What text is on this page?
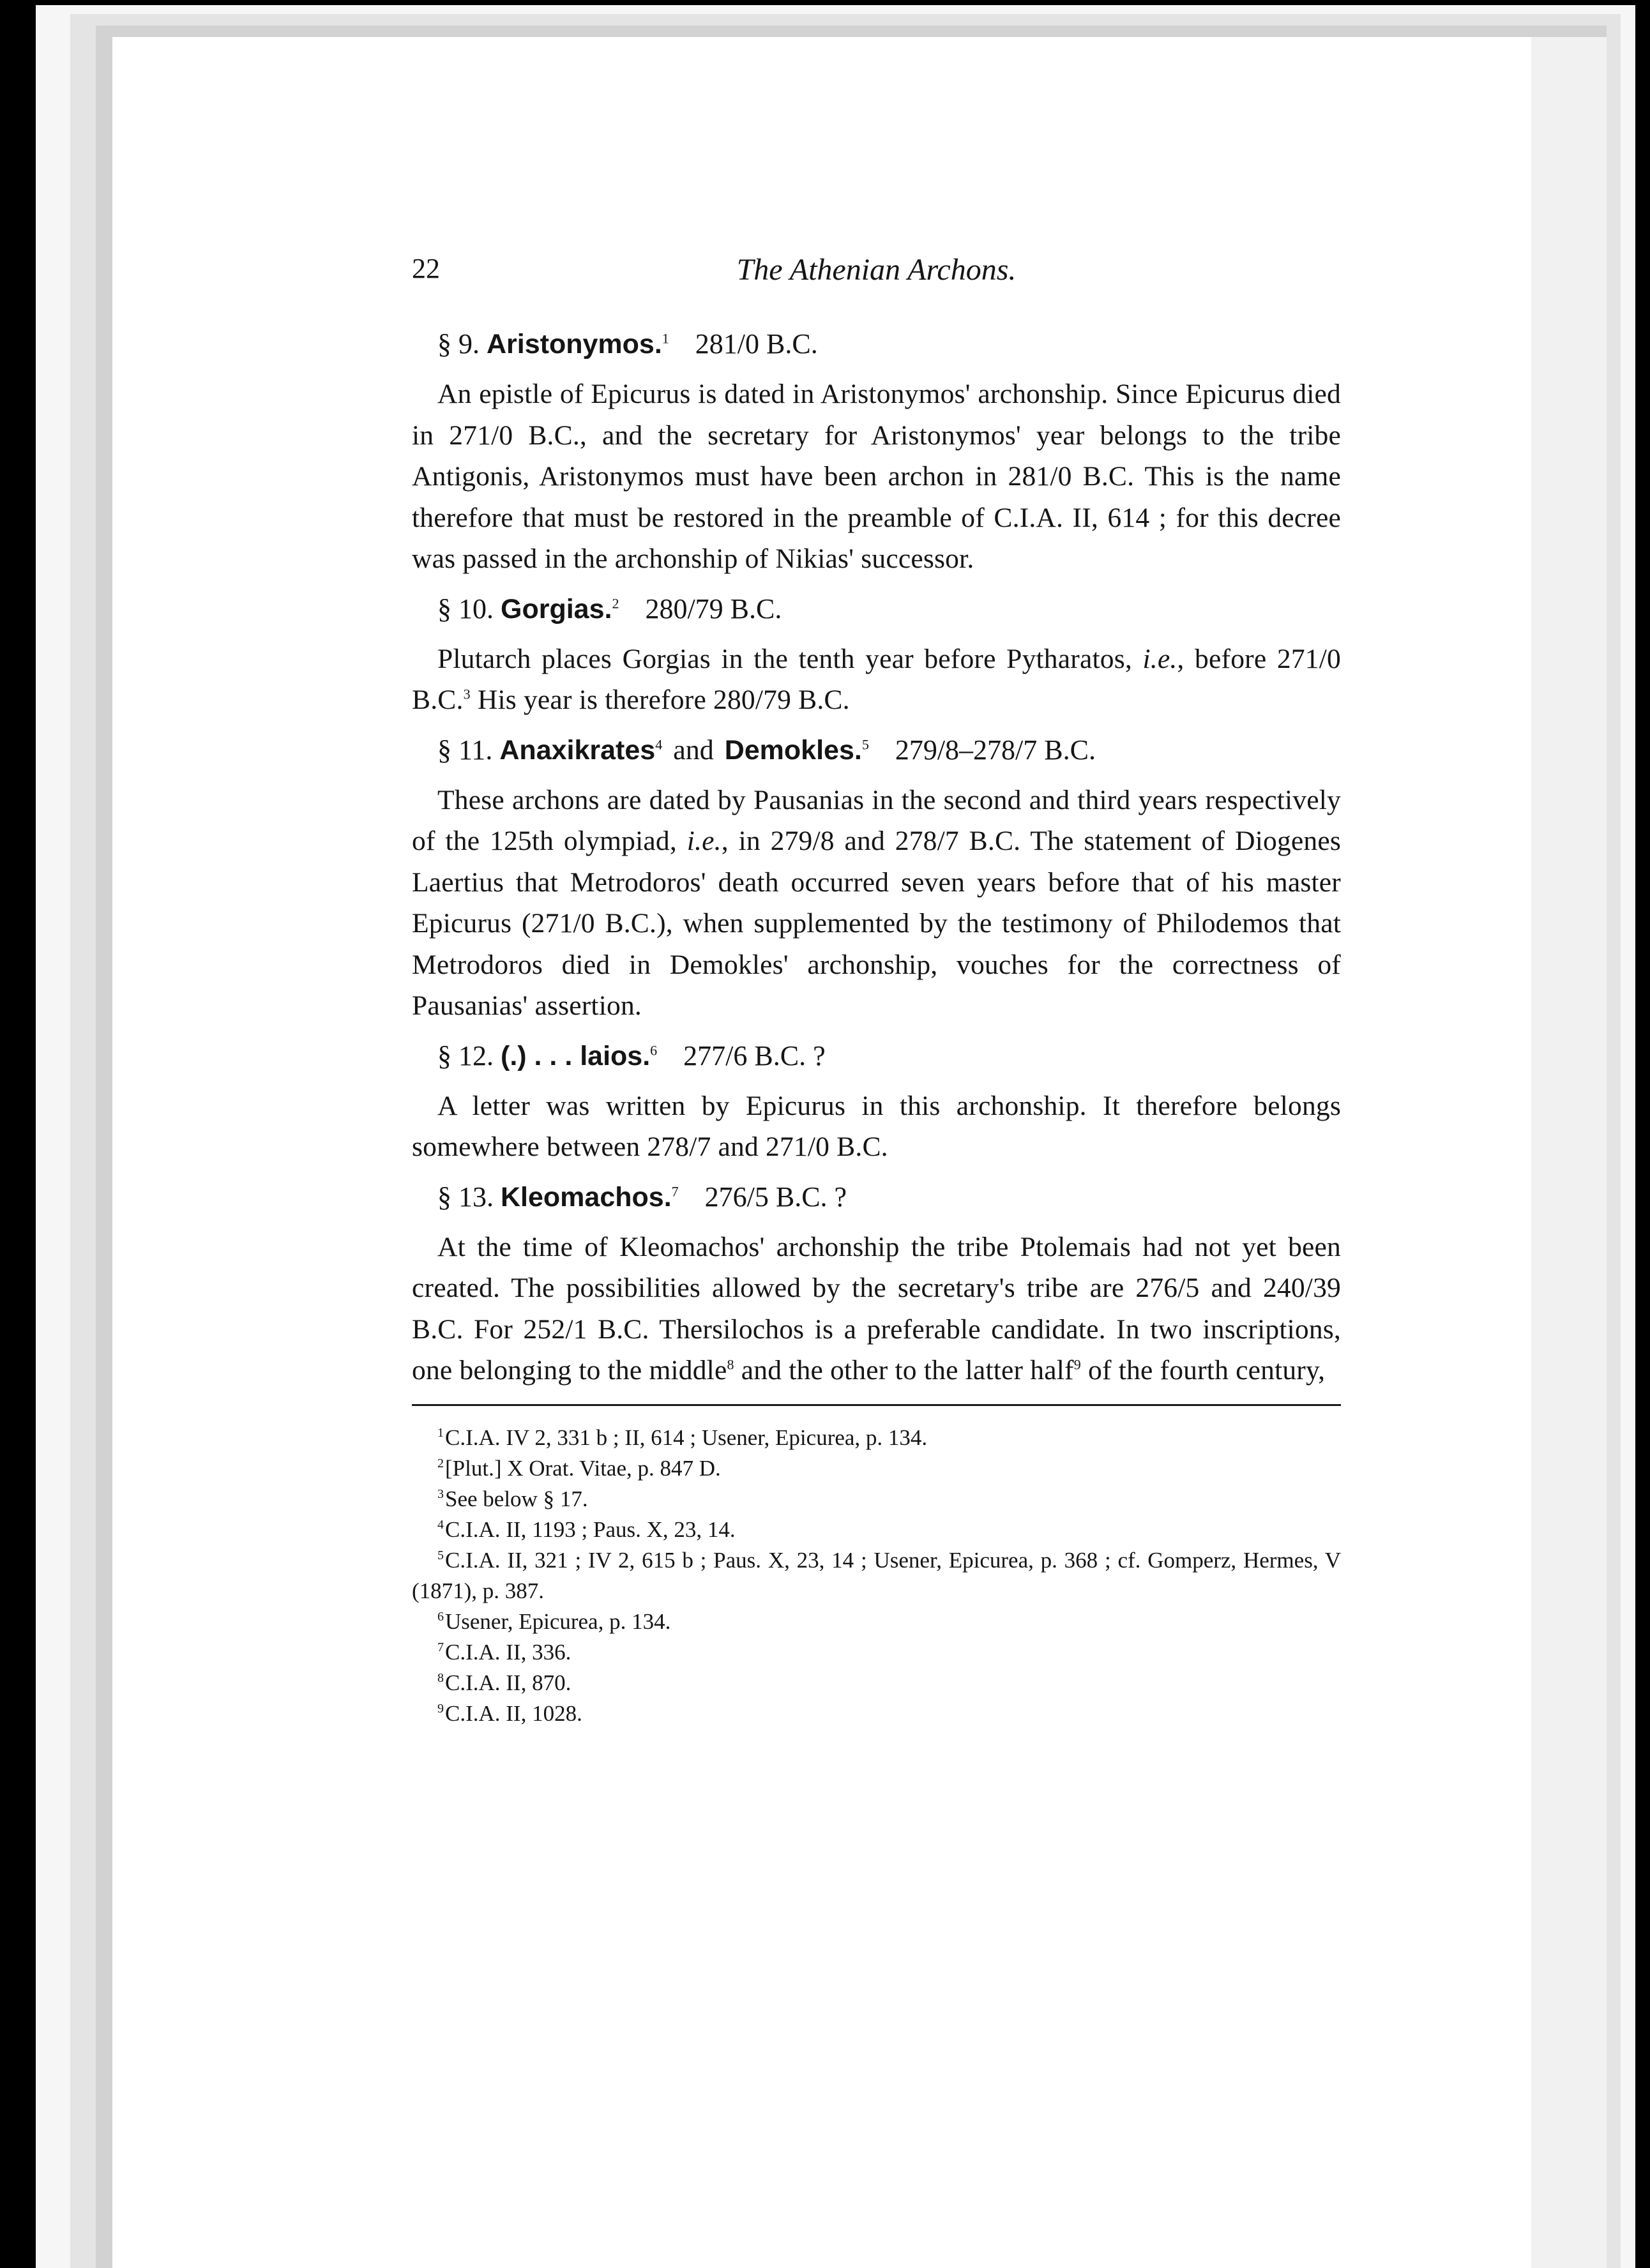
22	The Athenian Archons.
§ 9. Aristonymos.$^1$ 281/0 B.C.

An epistle of Epicurus is dated in Aristonymos' archonship. Since Epicurus died in 271/0 B.C., and the secretary for Aristonymos' year belongs to the tribe Antigonis, Aristonymos must have been archon in 281/0 B.C. This is the name therefore that must be restored in the preamble of C.I.A. II, 614 ; for this decree was passed in the archonship of Nikias' successor.

§ 10. Gorgias.$^2$ 280/79 B.C.

Plutarch places Gorgias in the tenth year before Pytharatos, i.e., before 271/0 B.C.$^3$ His year is therefore 280/79 B.C.

§ 11. Anaxikrates$^4$ and Demokles.$^5$ 279/8–278/7 B.C.

These archons are dated by Pausanias in the second and third years respectively of the 125th olympiad, i.e., in 279/8 and 278/7 B.C. The statement of Diogenes Laertius that Metrodoros' death occurred seven years before that of his master Epicurus (271/0 B.C.), when supplemented by the testimony of Philodemos that Metrodoros died in Demokles' archonship, vouches for the correctness of Pausanias' assertion.

§ 12. (.) . . . laios.$^6$ 277/6 B.C. ?

A letter was written by Epicurus in this archonship. It therefore belongs somewhere between 278/7 and 271/0 B.C.

§ 13. Kleomachos.$^7$ 276/5 B.C. ?

At the time of Kleomachos' archonship the tribe Ptolemais had not yet been created. The possibilities allowed by the secretary's tribe are 276/5 and 240/39 B.C. For 252/1 B.C. Thersilochos is a preferable candidate. In two inscriptions, one belonging to the middle$^8$ and the other to the latter half$^9$ of the fourth century,

$^1$C.I.A. IV 2, 331 b ; II, 614 ; Usener, Epicurea, p. 134.

$^2$[Plut.] X Orat. Vitae, p. 847 D.

$^3$See below § 17.

$^4$C.I.A. II, 1193 ; Paus. X, 23, 14.

$^5$C.I.A. II, 321 ; IV 2, 615 b ; Paus. X, 23, 14 ; Usener, Epicurea, p. 368 ; cf. Gomperz, Hermes, V (1871), p. 387.

$^6$Usener, Epicurea, p. 134.

$^7$C.I.A. II, 336.

$^8$C.I.A. II, 870.

$^9$C.I.A. II, 1028.
